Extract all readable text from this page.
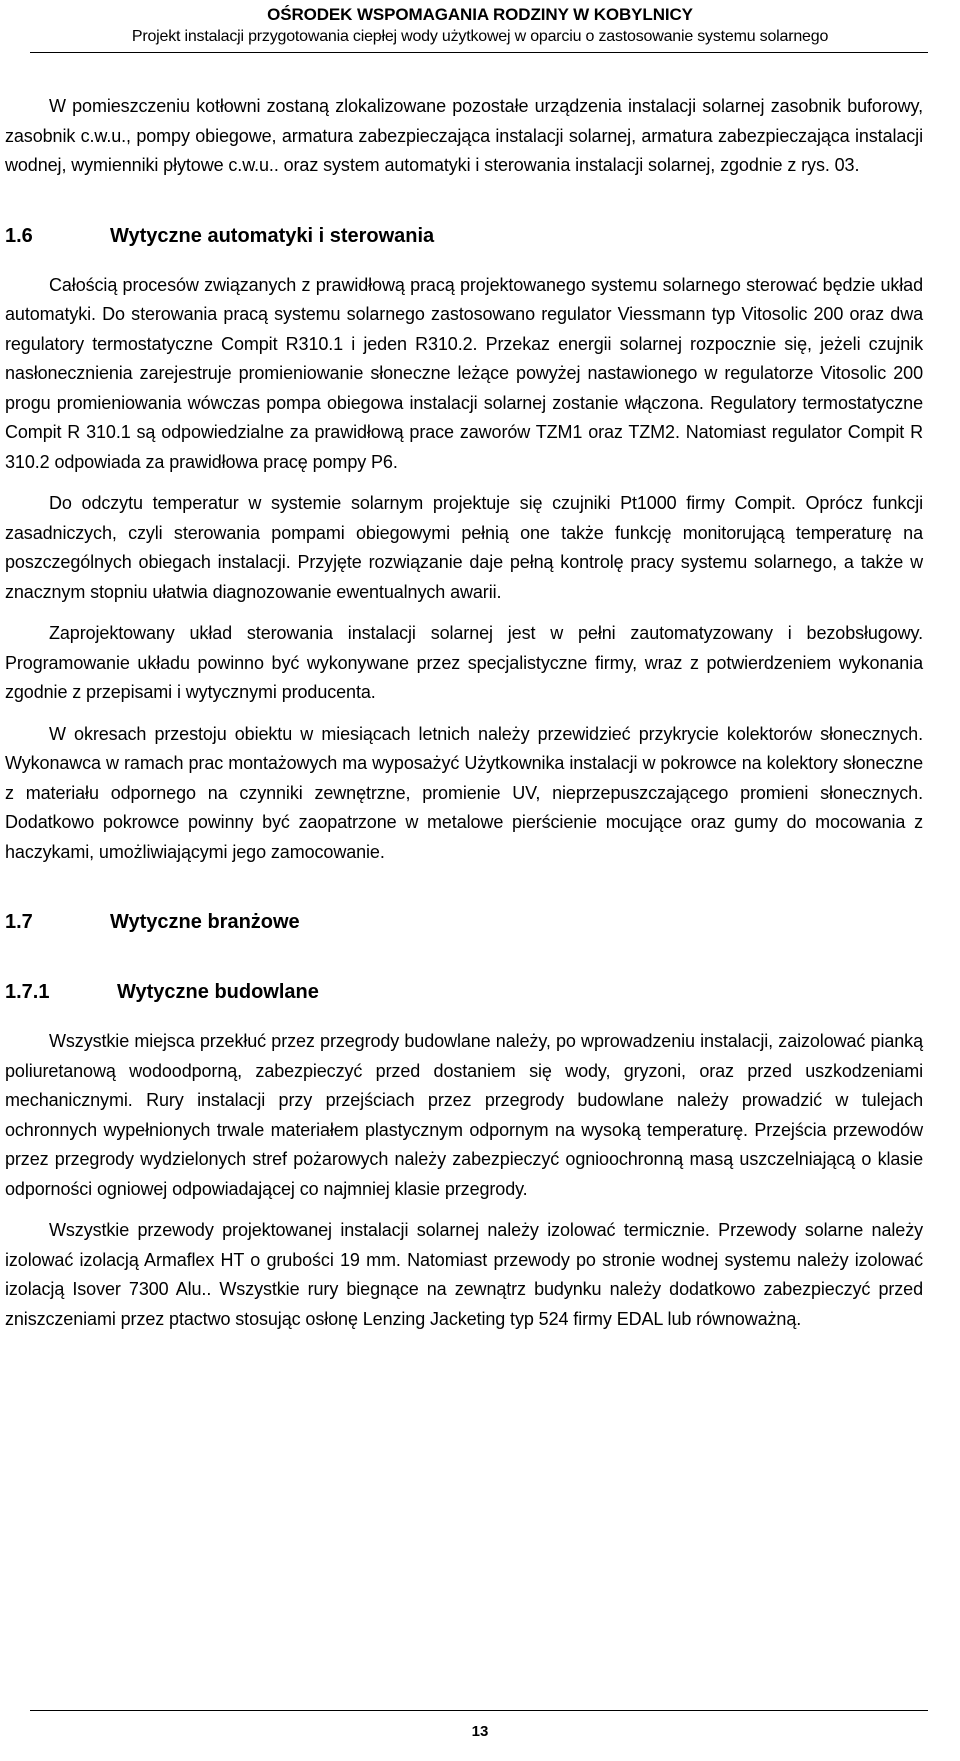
OŚRODEK WSPOMAGANIA RODZINY W KOBYLNICY
Projekt instalacji przygotowania ciepłej wody użytkowej w oparciu o zastosowanie systemu solarnego

W pomieszczeniu kotłowni zostaną zlokalizowane pozostałe urządzenia instalacji solarnej zasobnik buforowy, zasobnik c.w.u., pompy obiegowe, armatura zabezpieczająca instalacji solarnej, armatura zabezpieczająca instalacji wodnej, wymienniki płytowe c.w.u.. oraz system automatyki i sterowania instalacji solarnej, zgodnie z rys. 03.

1.6	Wytyczne automatyki i sterowania

Całością procesów związanych z prawidłową pracą projektowanego systemu solarnego sterować będzie układ automatyki. Do sterowania pracą systemu solarnego zastosowano regulator Viessmann typ Vitosolic 200 oraz dwa regulatory termostatyczne Compit R310.1 i jeden R310.2. Przekaz energii solarnej rozpocznie się, jeżeli czujnik nasłonecznienia zarejestruje promieniowanie słoneczne leżące powyżej nastawionego w regulatorze Vitosolic 200 progu promieniowania wówczas pompa obiegowa instalacji solarnej zostanie włączona. Regulatory termostatyczne Compit R 310.1 są odpowiedzialne za prawidłową prace zaworów TZM1 oraz TZM2. Natomiast regulator Compit R 310.2 odpowiada za prawidłowa pracę pompy P6.

Do odczytu temperatur w systemie solarnym projektuje się czujniki Pt1000 firmy Compit. Oprócz funkcji zasadniczych, czyli sterowania pompami obiegowymi pełnią one także funkcję monitorującą temperaturę na poszczególnych obiegach instalacji. Przyjęte rozwiązanie daje pełną kontrolę pracy systemu solarnego, a także w znacznym stopniu ułatwia diagnozowanie ewentualnych awarii.

Zaprojektowany układ sterowania instalacji solarnej jest w pełni zautomatyzowany i bezobsługowy. Programowanie układu powinno być wykonywane przez specjalistyczne firmy, wraz z potwierdzeniem wykonania zgodnie z przepisami i wytycznymi producenta.

W okresach przestoju obiektu w miesiącach letnich należy przewidzieć przykrycie kolektorów słonecznych. Wykonawca w ramach prac montażowych ma wyposażyć Użytkownika instalacji w pokrowce na kolektory słoneczne z materiału odpornego na czynniki zewnętrzne, promienie UV, nieprzepuszczającego promieni słonecznych. Dodatkowo pokrowce powinny być zaopatrzone w metalowe pierścienie mocujące oraz gumy do mocowania z haczykami, umożliwiającymi jego zamocowanie.

1.7	Wytyczne branżowe
1.7.1	Wytyczne budowlane

Wszystkie miejsca przekłuć przez przegrody budowlane należy, po wprowadzeniu instalacji, zaizolować pianką poliuretanową wodoodporną, zabezpieczyć przed dostaniem się wody, gryzoni, oraz przed uszkodzeniami mechanicznymi. Rury instalacji przy przejściach przez przegrody budowlane należy prowadzić w tulejach ochronnych wypełnionych trwale materiałem plastycznym odpornym na wysoką temperaturę. Przejścia przewodów przez przegrody wydzielonych stref pożarowych należy zabezpieczyć ognioochronną masą uszczelniającą o klasie odporności ogniowej odpowiadającej co najmniej klasie przegrody.

Wszystkie przewody projektowanej instalacji solarnej należy izolować termicznie. Przewody solarne należy izolować izolacją Armaflex HT o grubości 19 mm. Natomiast przewody po stronie wodnej systemu należy izolować izolacją Isover 7300 Alu.. Wszystkie rury biegnące na zewnątrz budynku należy dodatkowo zabezpieczyć przed zniszczeniami przez ptactwo stosując osłonę Lenzing Jacketing typ 524 firmy EDAL lub równoważną.

13
